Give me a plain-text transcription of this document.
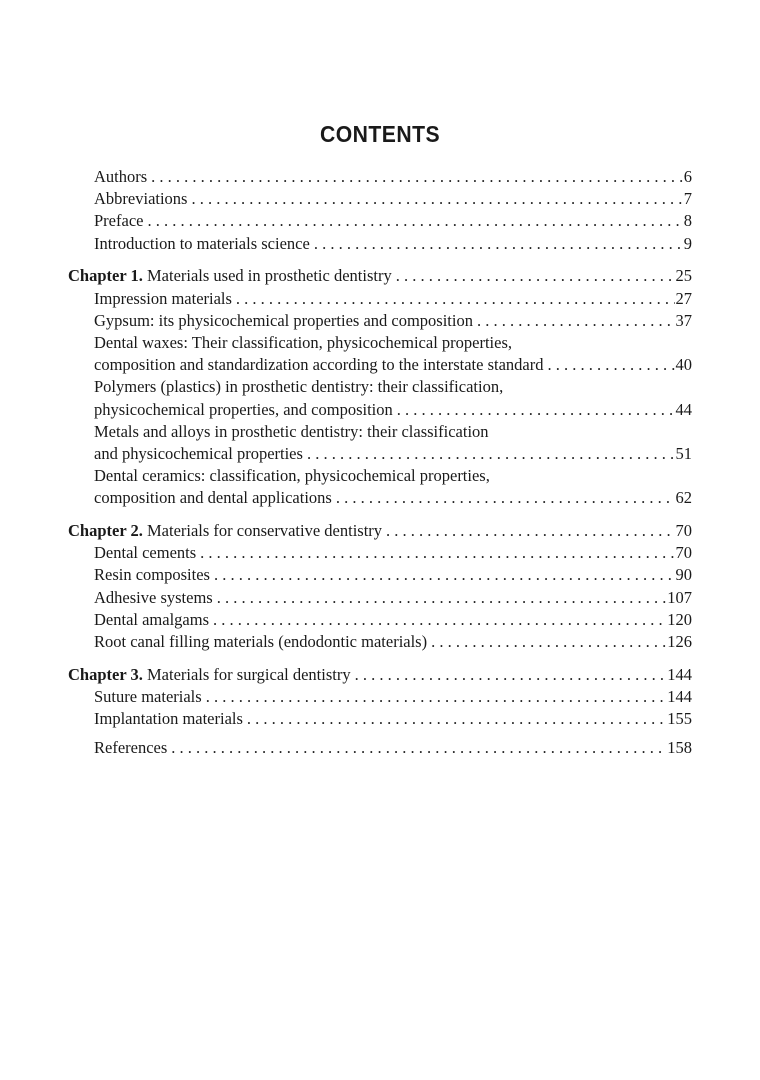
CONTENTS
Authors . . .	6
Abbreviations . . .	7
Preface . . .	8
Introduction to materials science . . .	9
Chapter 1. Materials used in prosthetic dentistry . . .	25
Impression materials . . .	27
Gypsum: its physicochemical properties and composition . . .	37
Dental waxes: Their classification, physicochemical properties,
composition and standardization according to the interstate standard . . .	40
Polymers (plastics) in prosthetic dentistry: their classification,
physicochemical properties, and composition . . .	44
Metals and alloys in prosthetic dentistry: their classification
and physicochemical properties . . .	51
Dental ceramics: classification, physicochemical properties,
composition and dental applications . . .	62
Chapter 2. Materials for conservative dentistry . . .	70
Dental cements . . .	70
Resin composites . . .	90
Adhesive systems . . .	107
Dental amalgams . . .	120
Root canal filling materials (endodontic materials) . . .	126
Chapter 3. Materials for surgical dentistry . . .	144
Suture materials . . .	144
Implantation materials . . .	155
References . . .	158
